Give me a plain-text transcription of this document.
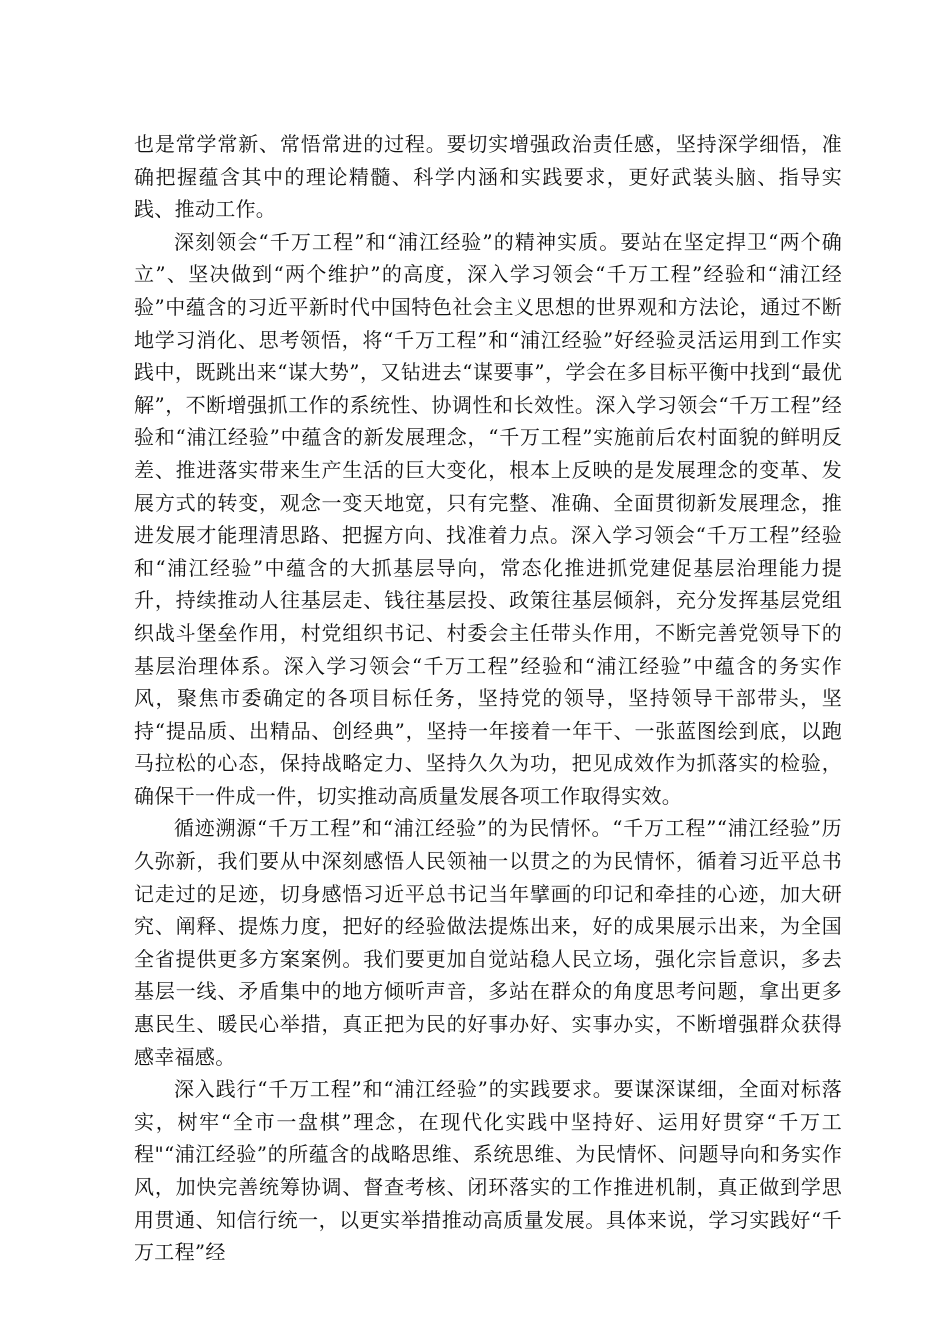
也是常学常新、常悟常进的过程。要切实增强政治责任感，坚持深学细悟，准确把握蕴含其中的理论精髓、科学内涵和实践要求，更好武装头脑、指导实践、推动工作。

深刻领会“千万工程”和“浦江经验”的精神实质。要站在坚定捍卫“两个确立”、坚决做到“两个维护”的高度，深入学习领会“千万工程”经验和“浦江经验”中蕴含的习近平新时代中国特色社会主义思想的世界观和方法论，通过不断地学习消化、思考领悟，将“千万工程”和“浦江经验”好经验灵活运用到工作实践中，既跳出来“谋大势”，又钻进去“谋要事”，学会在多目标平衡中找到“最优解”，不断增强抓工作的系统性、协调性和长效性。深入学习领会“千万工程”经验和“浦江经验”中蕴含的新发展理念，“千万工程”实施前后农村面貌的鲜明反差、推进落实带来生产生活的巨大变化，根本上反映的是发展理念的变革、发展方式的转变，观念一变天地宽，只有完整、准确、全面贯彻新发展理念，推进发展才能理清思路、把握方向、找准着力点。深入学习领会“千万工程”经验和“浦江经验”中蕴含的大抓基层导向，常态化推进抓党建促基层治理能力提升，持续推动人往基层走、钱往基层投、政策往基层倾斜，充分发挥基层党组织战斗堡垒作用，村党组织书记、村委会主任带头作用，不断完善党领导下的基层治理体系。深入学习领会“千万工程”经验和“浦江经验”中蕴含的务实作风，聚焦市委确定的各项目标任务，坚持党的领导，坚持领导干部带头，坚持“提品质、出精品、创经典”，坚持一年接着一年干、一张蓝图绘到底，以跑马拉松的心态，保持战略定力、坚持久久为功，把见成效作为抓落实的检验，确保干一件成一件，切实推动高质量发展各项工作取得实效。

循迹溯源“千万工程”和“浦江经验”的为民情怀。“千万工程”“浦江经验”历久弥新，我们要从中深刻感悟人民领袖一以贯之的为民情怀，循着习近平总书记走过的足迹，切身感悟习近平总书记当年擘画的印记和牵挂的心迹，加大研究、阐释、提炼力度，把好的经验做法提炼出来，好的成果展示出来，为全国全省提供更多方案案例。我们要更加自觉站稳人民立场，强化宗旨意识，多去基层一线、矛盾集中的地方倾听声音，多站在群众的角度思考问题，拿出更多惠民生、暖民心举措，真正把为民的好事办好、实事办实，不断增强群众获得感幸福感。

深入践行“千万工程”和“浦江经验”的实践要求。要谋深谋细，全面对标落实，树牢“全市一盘棋”理念，在现代化实践中坚持好、运用好贯穿“千万工程"“浦江经验”的所蕴含的战略思维、系统思维、为民情怀、问题导向和务实作风，加快完善统筹协调、督查考核、闭环落实的工作推进机制，真正做到学思用贯通、知信行统一，以更实举措推动高质量发展。具体来说，学习实践好“千万工程”经
